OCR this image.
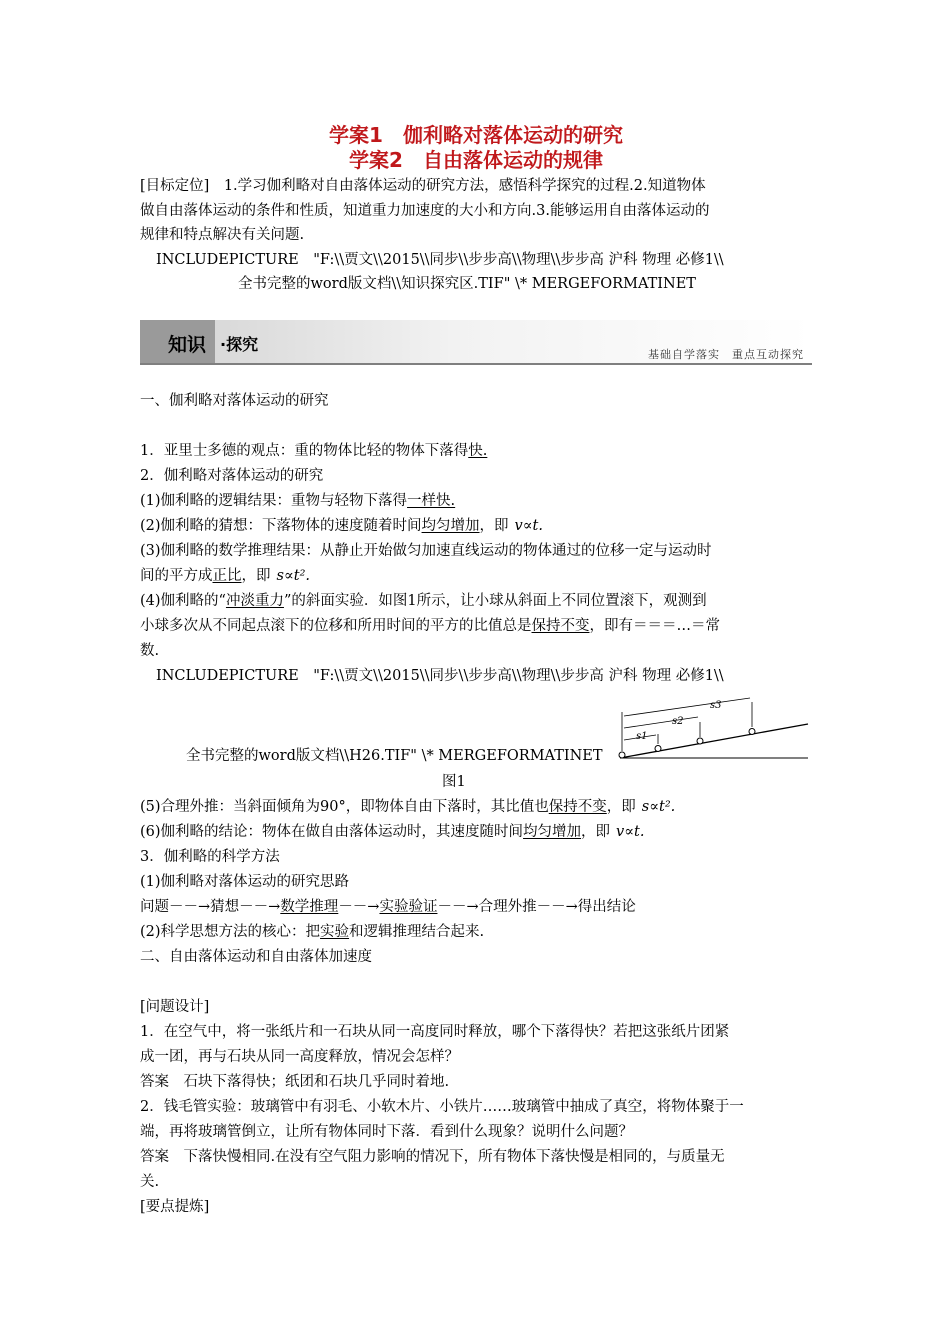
学案1　伽利略对落体运动的研究
学案2　自由落体运动的规律
[目标定位]　1.学习伽利略对自由落体运动的研究方法，感悟科学探究的过程.2.知道物体
做自由落体运动的条件和性质，知道重力加速度的大小和方向.3.能够运用自由落体运动的
规律和特点解决有关问题.
INCLUDEPICTURE　"F:\\贾文\\2015\\同步\\步步高\\物理\\步步高 沪科 物理 必修1\\
全书完整的word版文档\\知识探究区.TIF" \* MERGEFORMATINET
知识 ·探究
基础自学落实　重点互动探究
一、伽利略对落体运动的研究
1．亚里士多德的观点：重的物体比轻的物体下落得快.
2．伽利略对落体运动的研究
(1)伽利略的逻辑结果：重物与轻物下落得一样快.
(2)伽利略的猜想：下落物体的速度随着时间均匀增加，即 v∝t.
(3)伽利略的数学推理结果：从静止开始做匀加速直线运动的物体通过的位移一定与运动时
间的平方成正比，即 s∝t².
(4)伽利略的“冲淡重力”的斜面实验．如图1所示，让小球从斜面上不同位置滚下，观测到
小球多次从不同起点滚下的位移和所用时间的平方的比值总是保持不变，即有＝＝＝…＝常
数.
INCLUDEPICTURE　"F:\\贾文\\2015\\同步\\步步高\\物理\\步步高 沪科 物理 必修1\\
s1
s2
s3
全书完整的word版文档\\H26.TIF" \* MERGEFORMATINET
图1
(5)合理外推：当斜面倾角为90°，即物体自由下落时，其比值也保持不变，即 s∝t².
(6)伽利略的结论：物体在做自由落体运动时，其速度随时间均匀增加，即 v∝t.
3．伽利略的科学方法
(1)伽利略对落体运动的研究思路
问题－－→猜想－－→数学推理－－→实验验证－－→合理外推－－→得出结论
(2)科学思想方法的核心：把实验和逻辑推理结合起来.
二、自由落体运动和自由落体加速度
[问题设计]
1．在空气中，将一张纸片和一石块从同一高度同时释放，哪个下落得快？若把这张纸片团紧
成一团，再与石块从同一高度释放，情况会怎样？
答案　石块下落得快；纸团和石块几乎同时着地.
2．钱毛管实验：玻璃管中有羽毛、小软木片、小铁片……玻璃管中抽成了真空，将物体聚于一
端，再将玻璃管倒立，让所有物体同时下落．看到什么现象？说明什么问题？
答案　下落快慢相同.在没有空气阻力影响的情况下，所有物体下落快慢是相同的，与质量无
关.
[要点提炼]
